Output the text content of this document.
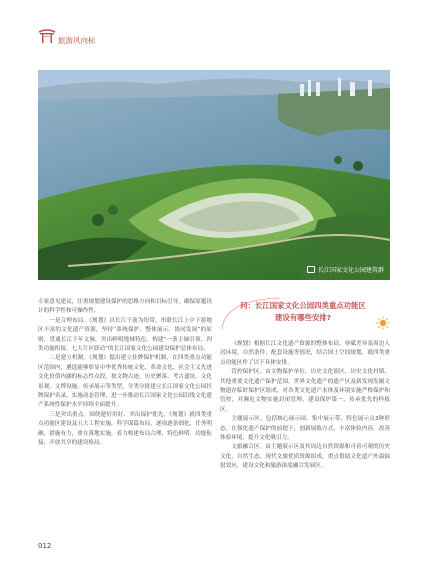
旅游风向标
长江国家文化公园建筑群

专家意见建议，注重规划建设保护的思路方向和目标引导，确保原题设计的科学性和可操作性。

一是合理布局。《规划》以长江干流为纽带，串联长江上中下游地区丰富的文化遗产资源，坚持“系统保护、整体展示、协同发展”的原则，贯通长江千年文脉，突出鲜明地域特色，构建“一条主轴引领、四类功能衔接、七大片区联动”的长江国家文化公园建设保护总体布局。

二是建立机制。《规划》提出建立挂牌保护机制，在四类重点功能区范围内，遴选能够彰显中华优秀传统文化、革命文化、社会主义先进文化价值内涵的标志性点段，按文物古迹、历史聚落、考古遗址、文化景观、文博设施、传承展示等类型，分类分批建立长江国家文化公园挂牌保护名录，实施动态管理，进一步推动长江国家文化公园沿线文化遗产系统性保护水平持续全面提升。

三是突出重点。围绕建好用好、突出保护优先，《规划》就四类重点功能区建设及五大工程实施，科学谋篇布局，逐项逐条细化，任务明确，措施有力，重在落地实施，着力构建布局合理、特色鲜明、功能衔接、开放共享的建设格局。

问：长江国家文化公园四类重点功能区
建设有哪些安排?

《规划》根据长江文化遗产资源的整体布局、禀赋差异及周边人居环境、自然条件、配套设施等情况，结合国土空间规划，就四类重点功能区作了以下具体安排。

管控保护区。由文物保护单位、历史文化街区、历史文化村镇、其他重要文化遗产保护范围，世界文化遗产的遗产区及新发现发掘文物遗存临时保护区组成，对各类文化遗产本体及环境实施严格保护和管控，对濒危文物实施封闭管理，建设保护第一、传承优先的样板区。

主题展示区。包括核心展示园、集中展示带、特色展示点3种形态。在强化遗产保护的前提下，创新展陈方式，丰富体验内容，改善体验环境，提升文化吸引力。

文旅融合区。由主题展示区及其周边自然资源和可看可观的历史文化、自然生态、现代文旅优质资源组成，重点借助文化遗产外溢辐射效应，建设文化和旅游深度融合发展区。

012
